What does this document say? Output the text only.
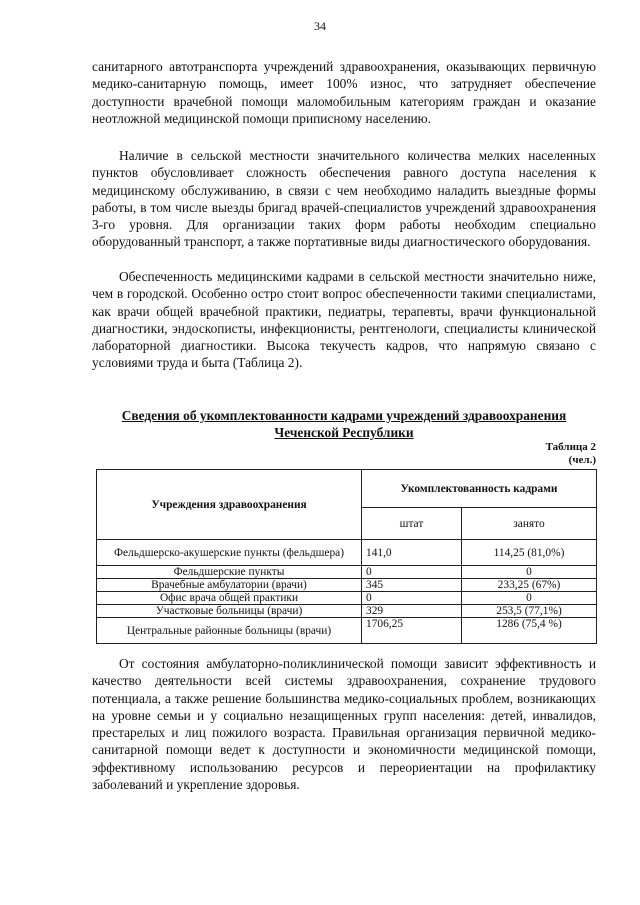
34

санитарного автотранспорта учреждений здравоохранения, оказывающих первичную медико-санитарную помощь, имеет 100% износ, что затрудняет обеспечение доступности врачебной помощи маломобильным категориям граждан и оказание неотложной медицинской помощи приписному населению.

Наличие в сельской местности значительного количества мелких населенных пунктов обусловливает сложность обеспечения равного доступа населения к медицинскому обслуживанию, в связи с чем необходимо наладить выездные формы работы, в том числе выезды бригад врачей-специалистов учреждений здравоохранения 3-го уровня. Для организации таких форм работы необходим специально оборудованный транспорт, а также портативные виды диагностического оборудования.

Обеспеченность медицинскими кадрами в сельской местности значительно ниже, чем в городской. Особенно остро стоит вопрос обеспеченности такими специалистами, как врачи общей врачебной практики, педиатры, терапевты, врачи функциональной диагностики, эндоскописты, инфекционисты, рентгенологи, специалисты клинической лабораторной диагностики. Высока текучесть кадров, что напрямую связано с условиями труда и быта (Таблица 2).

Сведения об укомплектованности кадрами учреждений здравоохранения
Чеченской Республики
Таблица 2
(чел.)
Учреждения здравоохранения	Укомплектованность кадрами	
	штат	занято
Фельдшерско-акушерские пункты (фельдшера)	141,0	114,25 (81,0%)
Фельдшерские пункты	0	0
Врачебные амбулатории (врачи)	345	233,25 (67%)
Офис врача общей практики	0	0
Участковые больницы (врачи)	329	253,5 (77,1%)
Центральные районные больницы (врачи)	1706,25	1286 (75,4 %)

От состояния амбулаторно-поликлинической помощи зависит эффективность и качество деятельности всей системы здравоохранения, сохранение трудового потенциала, а также решение большинства медико-социальных проблем, возникающих на уровне семьи и у социально незащищенных групп населения: детей, инвалидов, престарелых и лиц пожилого возраста. Правильная организация первичной медико-санитарной помощи ведет к доступности и экономичности медицинской помощи, эффективному использованию ресурсов и переориентации на профилактику заболеваний и укрепление здоровья.
